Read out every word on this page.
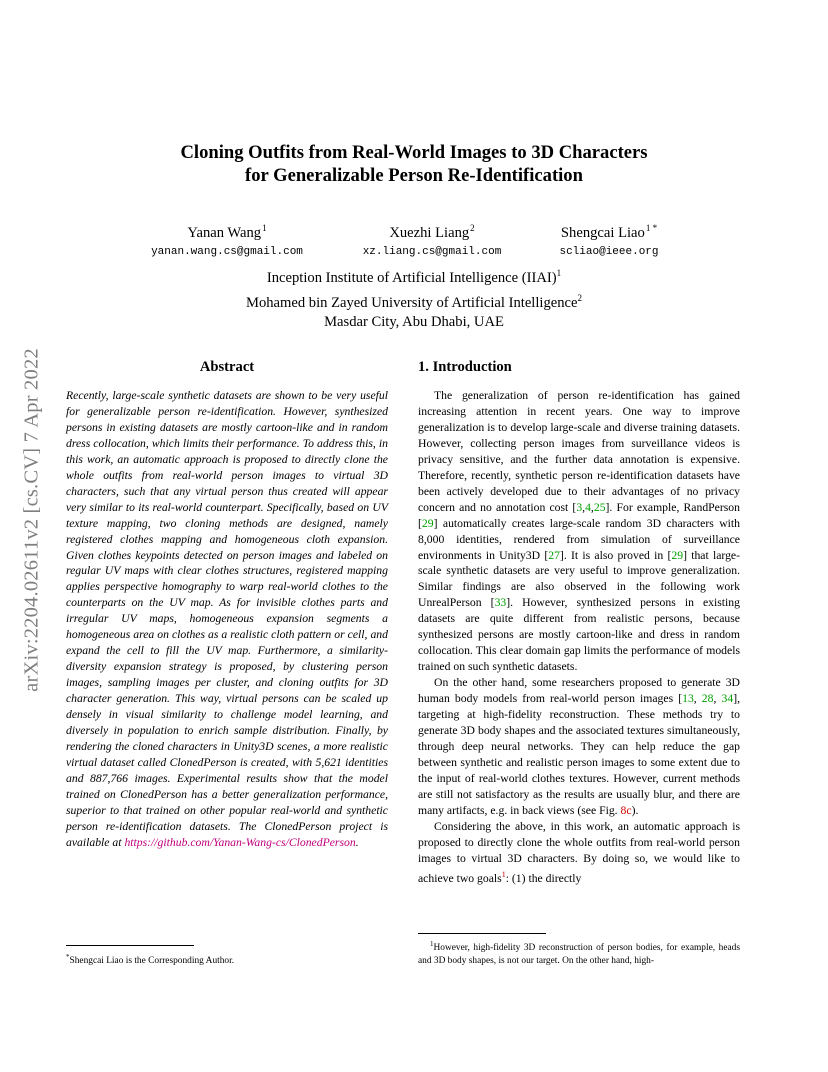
arXiv:2204.02611v2 [cs.CV] 7 Apr 2022
Cloning Outfits from Real-World Images to 3D Characters
for Generalizable Person Re-Identification
Yanan Wang$^1$
yanan.wang.cs@gmail.com
Xuezhi Liang$^2$
xz.liang.cs@gmail.com
Shengcai Liao$^{1 *}$
scliao@ieee.org
Inception Institute of Artificial Intelligence (IIAI)$^1$
Mohamed bin Zayed University of Artificial Intelligence$^2$
Masdar City, Abu Dhabi, UAE
Abstract
Recently, large-scale synthetic datasets are shown to be very useful for generalizable person re-identification. However, synthesized persons in existing datasets are mostly cartoon-like and in random dress collocation, which limits their performance. To address this, in this work, an automatic approach is proposed to directly clone the whole outfits from real-world person images to virtual 3D characters, such that any virtual person thus created will appear very similar to its real-world counterpart. Specifically, based on UV texture mapping, two cloning methods are designed, namely registered clothes mapping and homogeneous cloth expansion. Given clothes keypoints detected on person images and labeled on regular UV maps with clear clothes structures, registered mapping applies perspective homography to warp real-world clothes to the counterparts on the UV map. As for invisible clothes parts and irregular UV maps, homogeneous expansion segments a homogeneous area on clothes as a realistic cloth pattern or cell, and expand the cell to fill the UV map. Furthermore, a similarity-diversity expansion strategy is proposed, by clustering person images, sampling images per cluster, and cloning outfits for 3D character generation. This way, virtual persons can be scaled up densely in visual similarity to challenge model learning, and diversely in population to enrich sample distribution. Finally, by rendering the cloned characters in Unity3D scenes, a more realistic virtual dataset called ClonedPerson is created, with 5,621 identities and 887,766 images. Experimental results show that the model trained on ClonedPerson has a better generalization performance, superior to that trained on other popular real-world and synthetic person re-identification datasets. The ClonedPerson project is available at https://github.com/Yanan-Wang-cs/ClonedPerson.
1. Introduction

The generalization of person re-identification has gained increasing attention in recent years. One way to improve generalization is to develop large-scale and diverse training datasets. However, collecting person images from surveillance videos is privacy sensitive, and the further data annotation is expensive. Therefore, recently, synthetic person re-identification datasets have been actively developed due to their advantages of no privacy concern and no annotation cost [3,4,25]. For example, RandPerson [29] automatically creates large-scale random 3D characters with 8,000 identities, rendered from simulation of surveillance environments in Unity3D [27]. It is also proved in [29] that large-scale synthetic datasets are very useful to improve generalization. Similar findings are also observed in the following work UnrealPerson [33]. However, synthesized persons in existing datasets are quite different from realistic persons, because synthesized persons are mostly cartoon-like and dress in random collocation. This clear domain gap limits the performance of models trained on such synthetic datasets.

On the other hand, some researchers proposed to generate 3D human body models from real-world person images [13, 28, 34], targeting at high-fidelity reconstruction. These methods try to generate 3D body shapes and the associated textures simultaneously, through deep neural networks. They can help reduce the gap between synthetic and realistic person images to some extent due to the input of real-world clothes textures. However, current methods are still not satisfactory as the results are usually blur, and there are many artifacts, e.g. in back views (see Fig. 8c).

Considering the above, in this work, an automatic approach is proposed to directly clone the whole outfits from real-world person images to virtual 3D characters. By doing so, we would like to achieve two goals$^1$: (1) the directly

*Shengcai Liao is the Corresponding Author.
$^1$However, high-fidelity 3D reconstruction of person bodies, for example, heads and 3D body shapes, is not our target. On the other hand, high-
